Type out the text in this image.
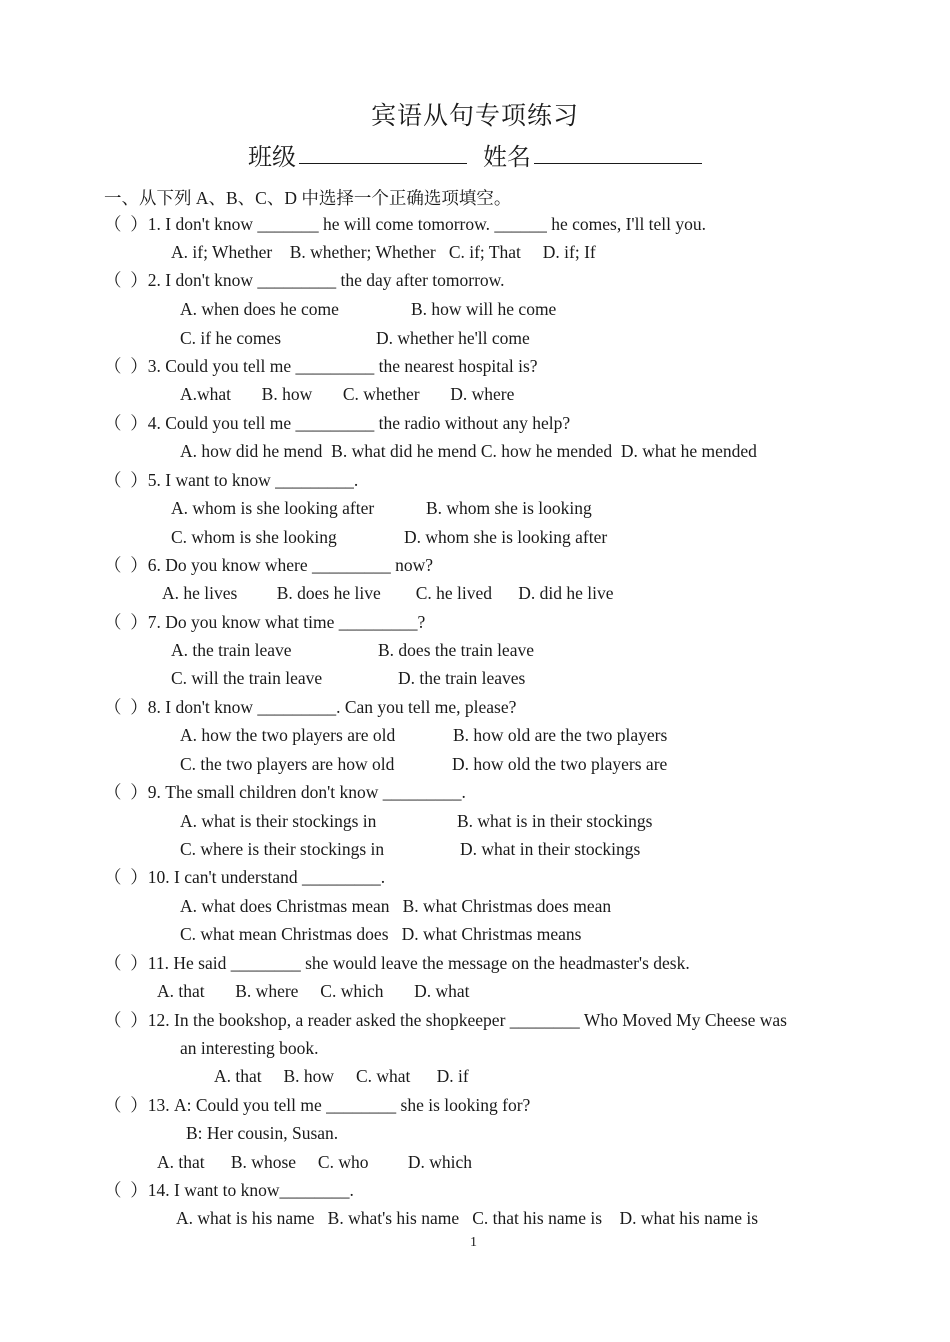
宾语从句专项练习
班级	姓名
一、从下列 A、B、C、D 中选择一个正确选项填空。
（  ）1. I don't know _______ he will come tomorrow. ______ he comes, I'll tell you.
A. if; Whether    B. whether; Whether   C. if; That     D. if; If
（  ）2. I don't know _________ the day after tomorrow.
A. when does he come	B. how will he come
C. if he comes	D. whether he'll come
（  ）3. Could you tell me _________ the nearest hospital is?
A.what       B. how       C. whether       D. where
（  ）4. Could you tell me _________ the radio without any help?
A. how did he mend  B. what did he mend C. how he mended  D. what he mended
（  ）5. I want to know _________.
A. whom is she looking after	B. whom she is looking
C. whom is she looking	D. whom she is looking after
（  ）6. Do you know where _________ now?
A. he lives         B. does he live        C. he lived      D. did he live
（  ）7. Do you know what time _________?
A. the train leave	B. does the train leave
C. will the train leave	D. the train leaves
（  ）8. I don't know _________. Can you tell me, please?
A. how the two players are old	B. how old are the two players
C. the two players are how old	D. how old the two players are
（  ）9. The small children don't know _________.
A. what is their stockings in	B. what is in their stockings
C. where is their stockings in	D. what in their stockings
（  ）10. I can't understand _________.
A. what does Christmas mean   B. what Christmas does mean
C. what mean Christmas does   D. what Christmas means
（  ）11. He said ________ she would leave the message on the headmaster's desk.
A. that       B. where     C. which       D. what
（  ）12. In the bookshop, a reader asked the shopkeeper ________ Who Moved My Cheese was
an interesting book.
A. that     B. how     C. what      D. if
（  ）13. A: Could you tell me ________ she is looking for?
B: Her cousin, Susan.
A. that      B. whose     C. who         D. which
（  ）14. I want to know________.
A. what is his name   B. what's his name   C. that his name is    D. what his name is
1
